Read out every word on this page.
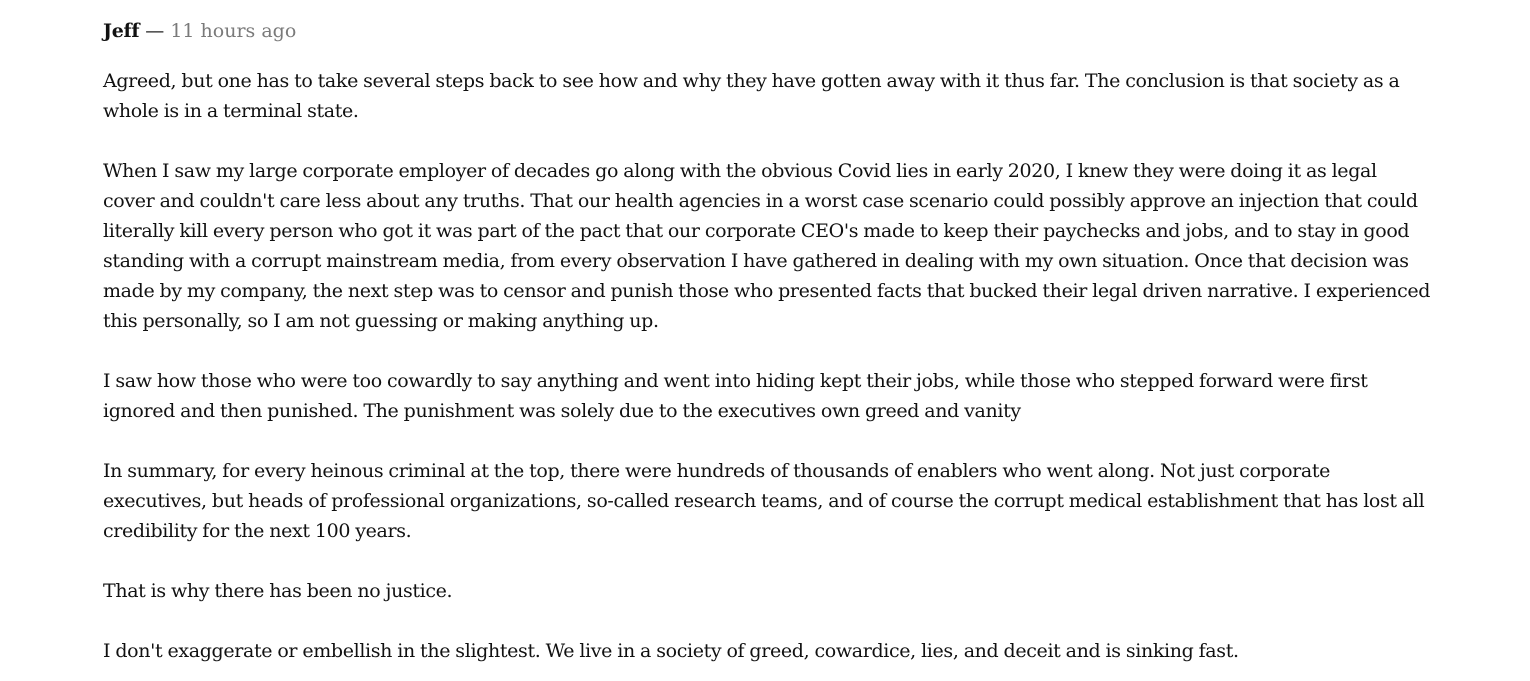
Jeff — 11 hours ago

Agreed, but one has to take several steps back to see how and why they have gotten away with it thus far. The conclusion is that society as a whole is in a terminal state.

When I saw my large corporate employer of decades go along with the obvious Covid lies in early 2020, I knew they were doing it as legal cover and couldn't care less about any truths. That our health agencies in a worst case scenario could possibly approve an injection that could literally kill every person who got it was part of the pact that our corporate CEO's made to keep their paychecks and jobs, and to stay in good standing with a corrupt mainstream media, from every observation I have gathered in dealing with my own situation. Once that decision was made by my company, the next step was to censor and punish those who presented facts that bucked their legal driven narrative. I experienced this personally, so I am not guessing or making anything up.

I saw how those who were too cowardly to say anything and went into hiding kept their jobs, while those who stepped forward were first ignored and then punished. The punishment was solely due to the executives own greed and vanity

In summary, for every heinous criminal at the top, there were hundreds of thousands of enablers who went along. Not just corporate executives, but heads of professional organizations, so-called research teams, and of course the corrupt medical establishment that has lost all credibility for the next 100 years.

That is why there has been no justice.

I don't exaggerate or embellish in the slightest. We live in a society of greed, cowardice, lies, and deceit and is sinking fast.
